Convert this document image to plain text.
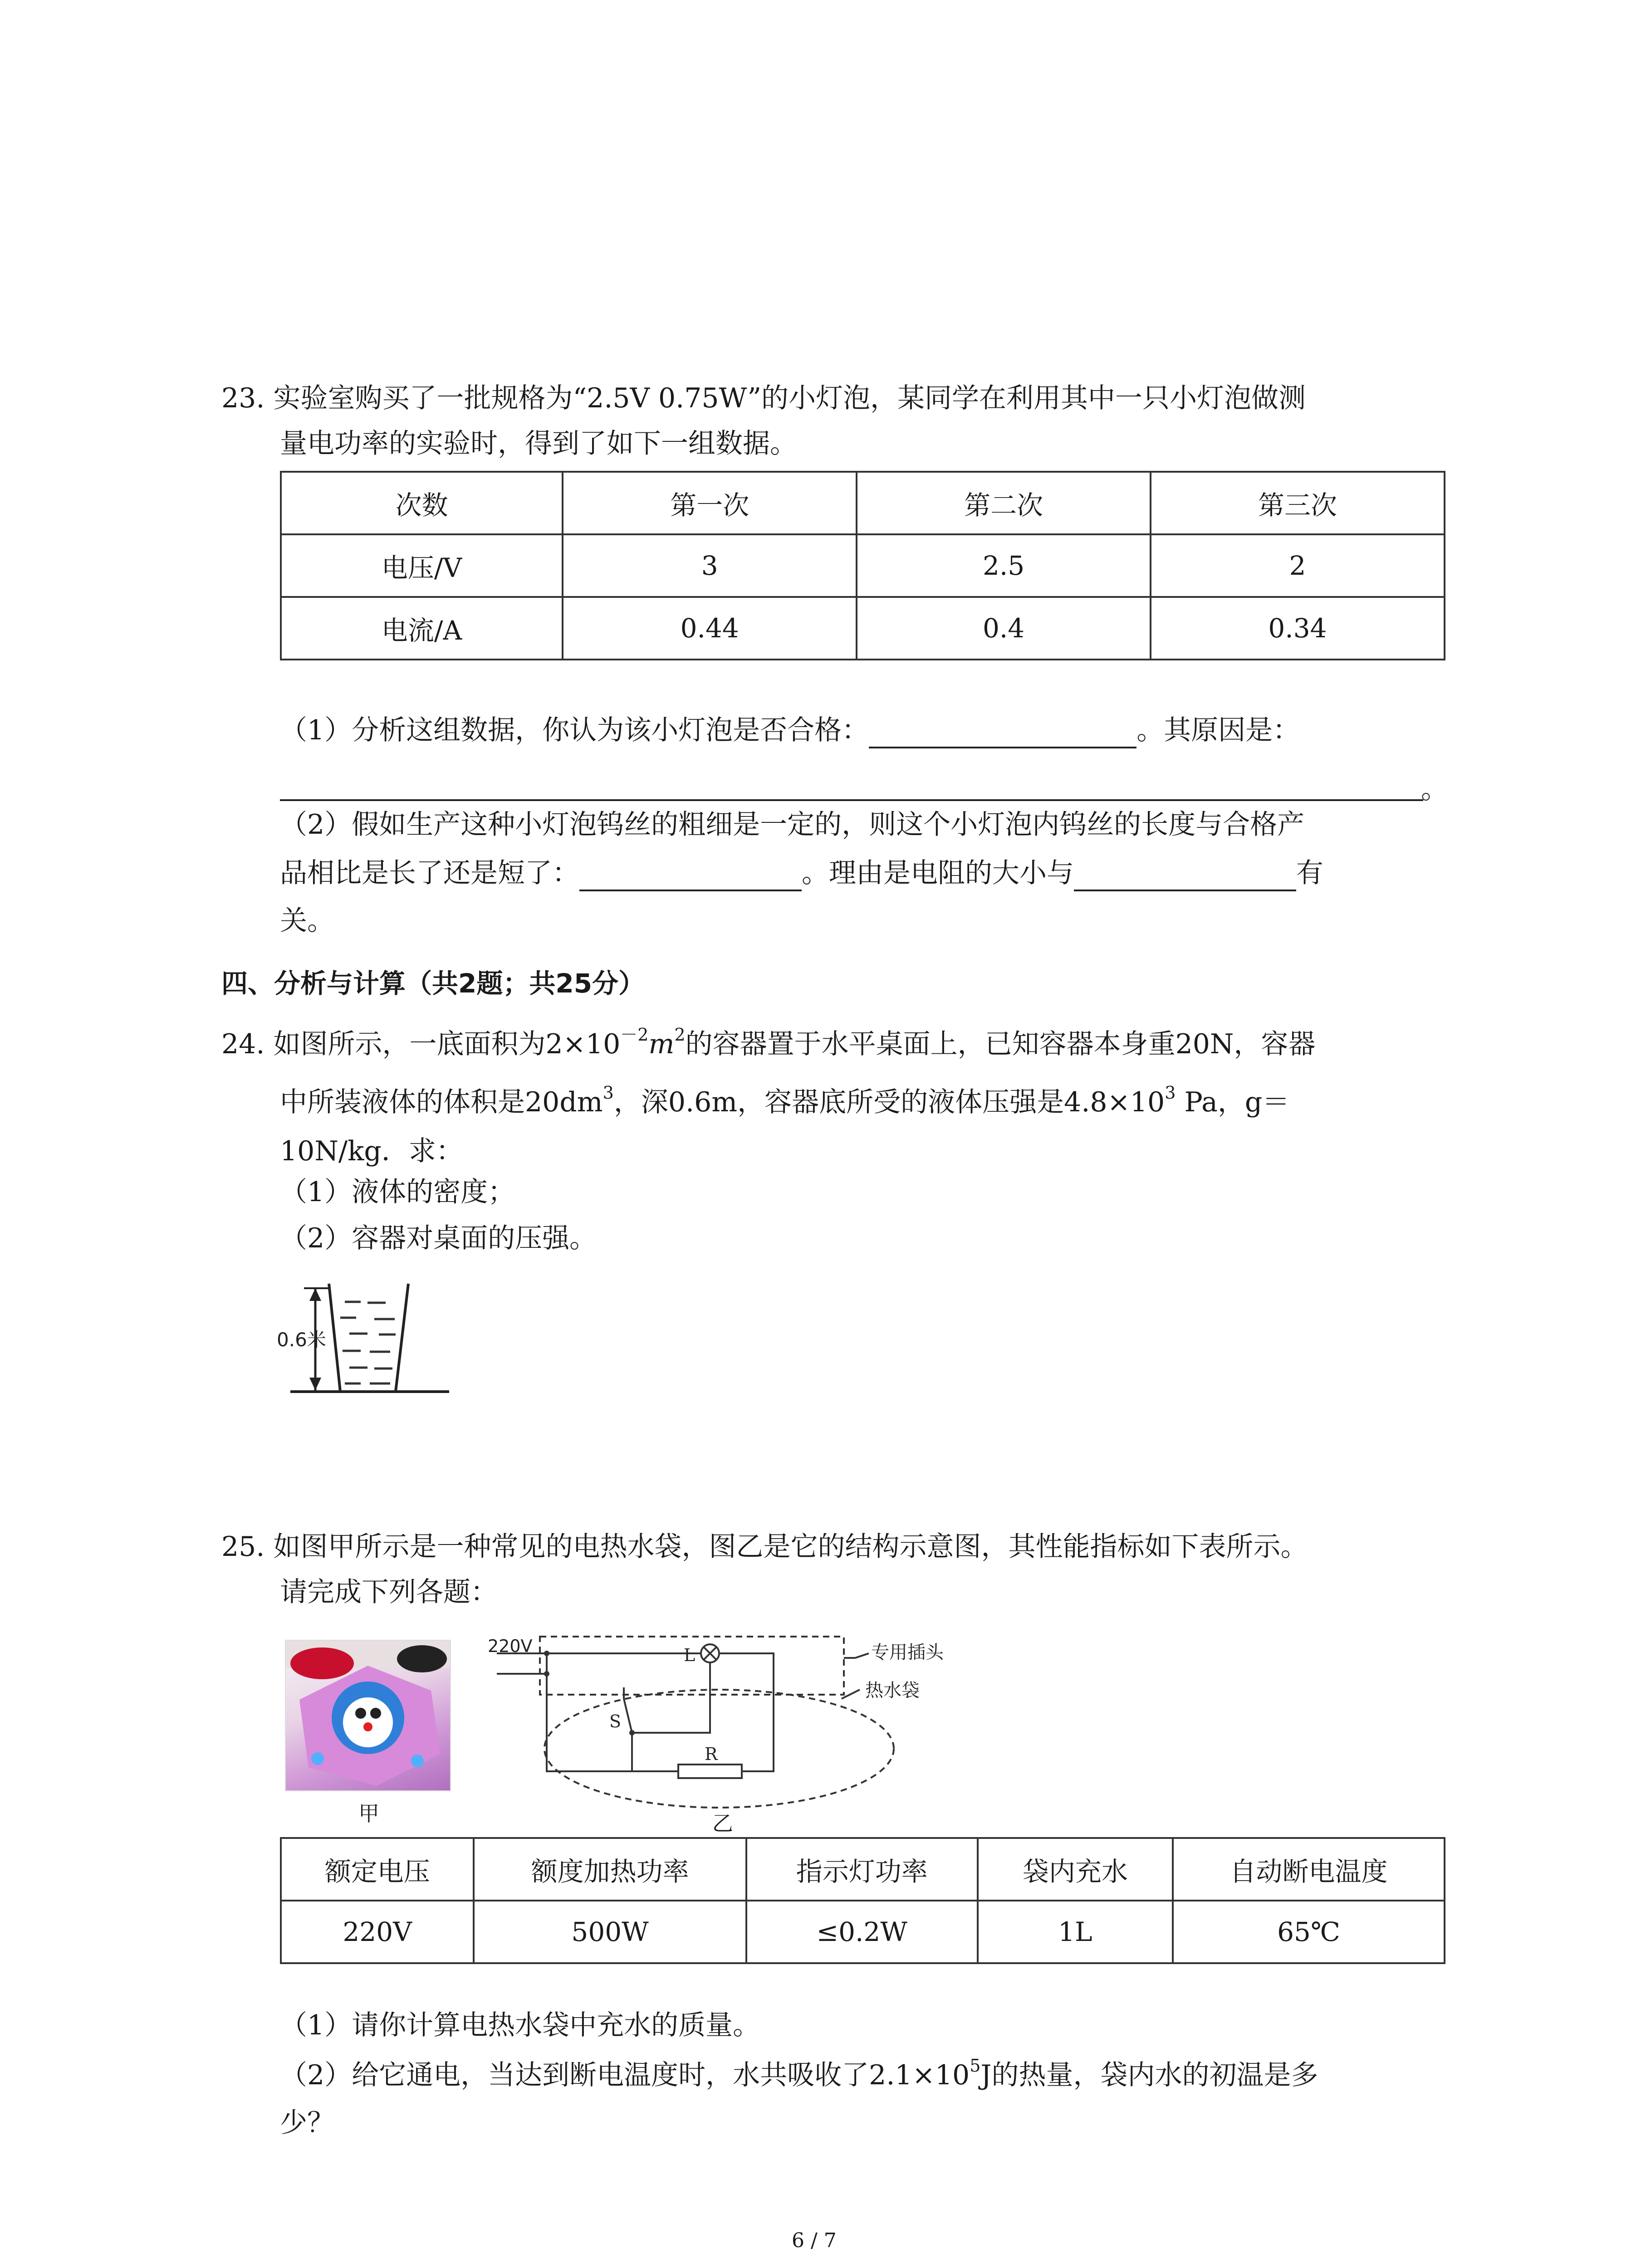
23. 实验室购买了一批规格为“2.5V 0.75W”的小灯泡，某同学在利用其中一只小灯泡做测
量电功率的实验时，得到了如下一组数据。
次数	第一次	第二次	第三次
电压/V	3	2.5	2
电流/A	0.44	0.4	0.34
（1）分析这组数据，你认为该小灯泡是否合格：	。其原因是：
。
（2）假如生产这种小灯泡钨丝的粗细是一定的，则这个小灯泡内钨丝的长度与合格产
品相比是长了还是短了：	。理由是电阻的大小与	有
关。
四、分析与计算（共2题；共25分）
24. 如图所示，一底面积为$2\times 10^{-2}m^2$的容器置于水平桌面上，已知容器本身重20N，容器
中所装液体的体积是$20dm^3$，深0.6m，容器底所受的液体压强是$4.8\times 10^3$ Pa，g＝
10N/kg．求：
（1）液体的密度；
（2）容器对桌面的压强。
0.6米
25. 如图甲所示是一种常见的电热水袋，图乙是它的结构示意图，其性能指标如下表所示。
请完成下列各题：
甲
220V	L
S
R
专用插头
热水袋
乙
额定电压	额度加热功率	指示灯功率	袋内充水	自动断电温度
220V	500W	≤0.2W	1L	65℃
（1）请你计算电热水袋中充水的质量。
（2）给它通电，当达到断电温度时，水共吸收了$2.1\times 10^5J$的热量，袋内水的初温是多
少？
6 / 7
